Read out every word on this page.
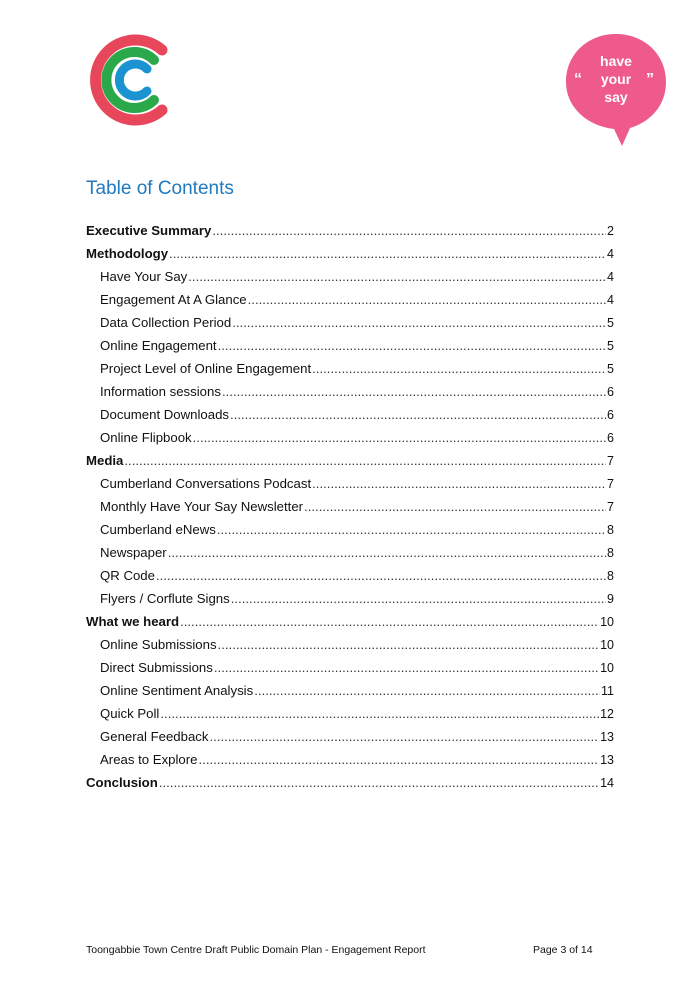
“	”
have
your
say
Table of Contents
Executive Summary .....	2
Methodology .....	4
Have Your Say .....	4
Engagement At A Glance .....	4
Data Collection Period .....	5
Online Engagement .....	5
Project Level of Online Engagement .....	5
Information sessions .....	6
Document Downloads .....	6
Online Flipbook .....	6
Media .....	7
Cumberland Conversations Podcast .....	7
Monthly Have Your Say Newsletter .....	7
Cumberland eNews .....	8
Newspaper .....	8
QR Code .....	8
Flyers / Corflute Signs .....	9
What we heard .....	10
Online Submissions .....	10
Direct Submissions .....	10
Online Sentiment Analysis .....	11
Quick Poll .....	12
General Feedback .....	13
Areas to Explore .....	13
Conclusion .....	14
Toongabbie Town Centre Draft Public Domain Plan - Engagement Report	Page 3 of 14
